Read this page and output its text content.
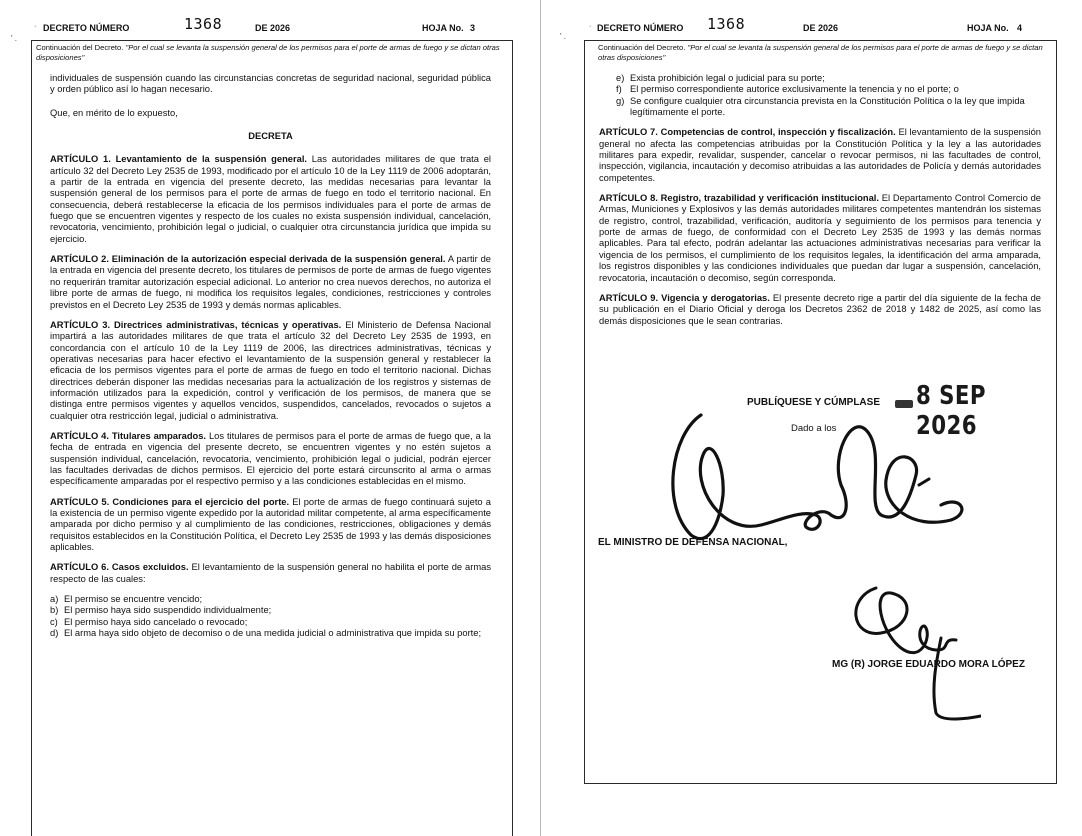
' .
· DECRETO NÚMERO	1368	DE 2026	HOJA No. 3
Continuación del Decreto. "Por el cual se levanta la suspensión general de los permisos para el porte de armas de fuego y se dictan otras disposiciones"

individuales de suspensión cuando las circunstancias concretas de seguridad nacional, seguridad pública y orden público así lo hagan necesario.

Que, en mérito de lo expuesto,

DECRETA

ARTÍCULO 1. Levantamiento de la suspensión general. Las autoridades militares de que trata el artículo 32 del Decreto Ley 2535 de 1993, modificado por el artículo 10 de la Ley 1119 de 2006 adoptarán, a partir de la entrada en vigencia del presente decreto, las medidas necesarias para levantar la suspensión general de los permisos para el porte de armas de fuego en todo el territorio nacional. En consecuencia, deberá restablecerse la eficacia de los permisos individuales para el porte de armas de fuego que se encuentren vigentes y respecto de los cuales no exista suspensión individual, cancelación, revocatoria, vencimiento, prohibición legal o judicial, o cualquier otra circunstancia jurídica que impida su ejercicio.

ARTÍCULO 2. Eliminación de la autorización especial derivada de la suspensión general. A partir de la entrada en vigencia del presente decreto, los titulares de permisos de porte de armas de fuego vigentes no requerirán tramitar autorización especial adicional. Lo anterior no crea nuevos derechos, no autoriza el libre porte de armas de fuego, ni modifica los requisitos legales, condiciones, restricciones y controles previstos en el Decreto Ley 2535 de 1993 y demás normas aplicables.

ARTÍCULO 3. Directrices administrativas, técnicas y operativas. El Ministerio de Defensa Nacional impartirá a las autoridades militares de que trata el artículo 32 del Decreto Ley 2535 de 1993, en concordancia con el artículo 10 de la Ley 1119 de 2006, las directrices administrativas, técnicas y operativas necesarias para hacer efectivo el levantamiento de la suspensión general y restablecer la eficacia de los permisos vigentes para el porte de armas de fuego en todo el territorio nacional. Dichas directrices deberán disponer las medidas necesarias para la actualización de los registros y sistemas de información utilizados para la expedición, control y verificación de los permisos, de manera que se distinga entre permisos vigentes y aquellos vencidos, suspendidos, cancelados, revocados o sujetos a cualquier otra restricción legal, judicial o administrativa.

ARTÍCULO 4. Titulares amparados. Los titulares de permisos para el porte de armas de fuego que, a la fecha de entrada en vigencia del presente decreto, se encuentren vigentes y no estén sujetos a suspensión individual, cancelación, revocatoria, vencimiento, prohibición legal o judicial, podrán ejercer las facultades derivadas de dichos permisos. El ejercicio del porte estará circunscrito al arma o armas específicamente amparadas por el respectivo permiso y a las condiciones establecidas en el mismo.

ARTÍCULO 5. Condiciones para el ejercicio del porte. El porte de armas de fuego continuará sujeto a la existencia de un permiso vigente expedido por la autoridad militar competente, al arma específicamente amparada por dicho permiso y al cumplimiento de las condiciones, restricciones, obligaciones y demás requisitos establecidos en la Constitución Política, el Decreto Ley 2535 de 1993 y las demás disposiciones aplicables.

ARTÍCULO 6. Casos excluidos. El levantamiento de la suspensión general no habilita el porte de armas respecto de las cuales:

a) El permiso se encuentre vencido;

b) El permiso haya sido suspendido individualmente;

c) El permiso haya sido cancelado o revocado;

d) El arma haya sido objeto de decomiso o de una medida judicial o administrativa que impida su porte;

' .
· DECRETO NÚMERO 1368	DE 2026	HOJA No. 4
Continuación del Decreto. "Por el cual se levanta la suspensión general de los permisos para el porte de armas de fuego y se dictan otras disposiciones"

e) Exista prohibición legal o judicial para su porte;

f) El permiso correspondiente autorice exclusivamente la tenencia y no el porte; o

g) Se configure cualquier otra circunstancia prevista en la Constitución Política o la ley que impida legítimamente el porte.

ARTÍCULO 7. Competencias de control, inspección y fiscalización. El levantamiento de la suspensión general no afecta las competencias atribuidas por la Constitución Política y la ley a las autoridades militares para expedir, revalidar, suspender, cancelar o revocar permisos, ni las facultades de control, inspección, vigilancia, incautación y decomiso atribuidas a las autoridades de Policía y demás autoridades competentes.

ARTÍCULO 8. Registro, trazabilidad y verificación institucional. El Departamento Control Comercio de Armas, Municiones y Explosivos y las demás autoridades militares competentes mantendrán los sistemas de registro, control, trazabilidad, verificación, auditoría y seguimiento de los permisos para tenencia y porte de armas de fuego, de conformidad con el Decreto Ley 2535 de 1993 y las demás normas aplicables. Para tal efecto, podrán adelantar las actuaciones administrativas necesarias para verificar la vigencia de los permisos, el cumplimiento de los requisitos legales, la identificación del arma amparada, los registros disponibles y las condiciones individuales que puedan dar lugar a suspensión, cancelación, revocatoria, incautación o decomiso, según corresponda.

ARTÍCULO 9. Vigencia y derogatorias. El presente decreto rige a partir del día siguiente de la fecha de su publicación en el Diario Oficial y deroga los Decretos 2362 de 2018 y 1482 de 2025, así como las demás disposiciones que le sean contrarias.

PUBLÍQUESE Y CÚMPLASE 8 SEP 2026
Dado a los
EL MINISTRO DE DEFENSA NACIONAL,
MG (R) JORGE EDUARDO MORA LÓPEZ
